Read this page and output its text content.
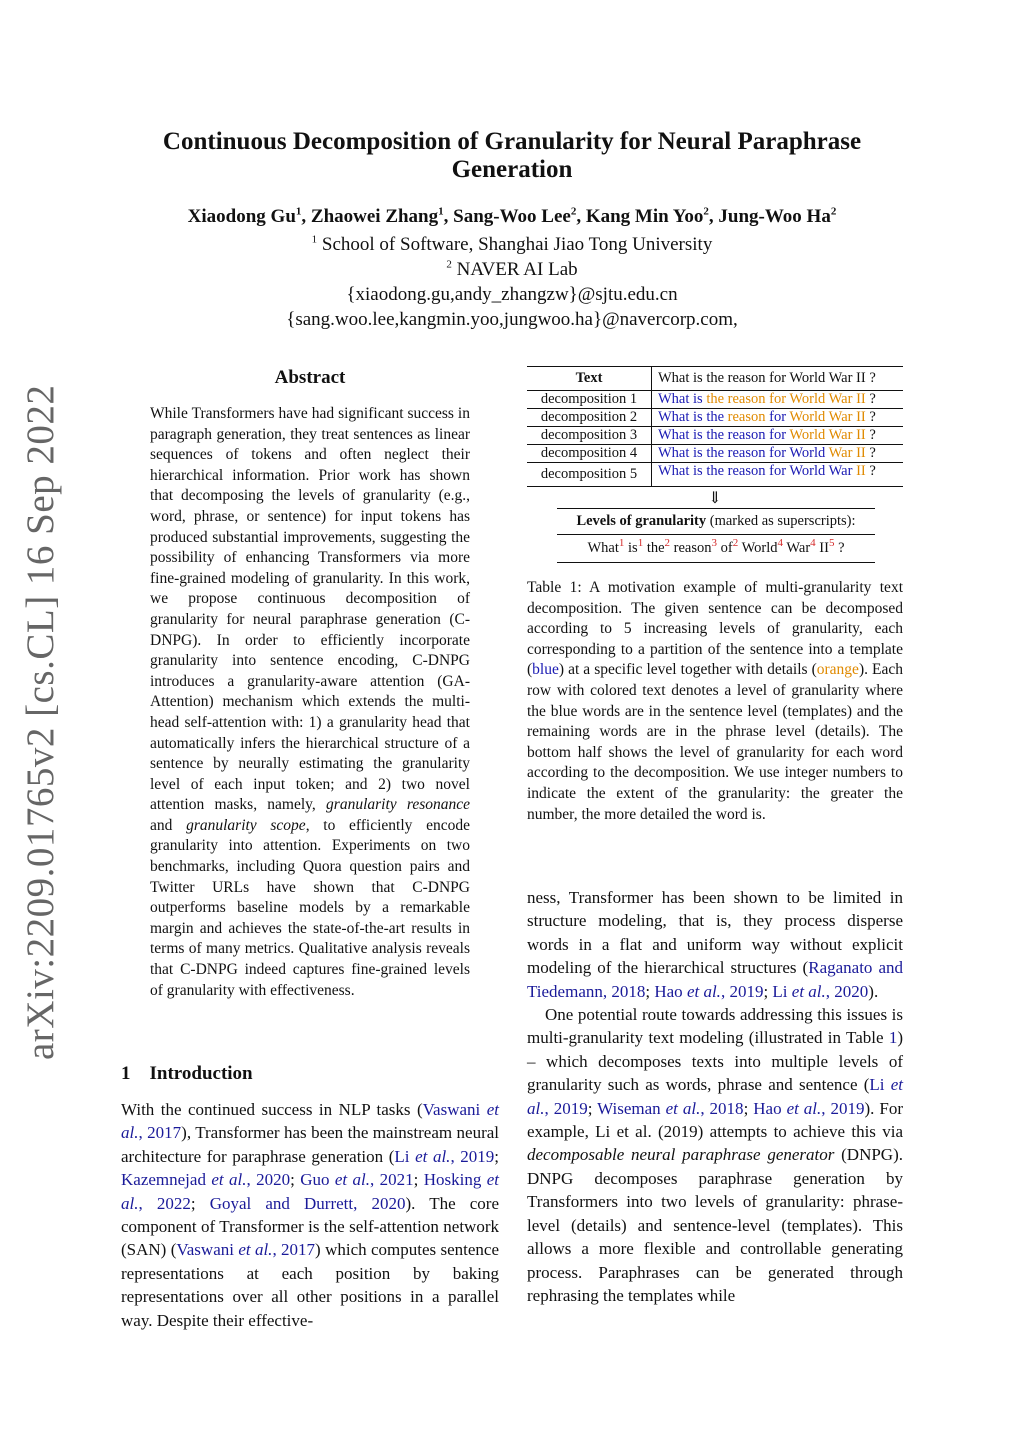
arXiv:2209.01765v2 [cs.CL] 16 Sep 2022
Continuous Decomposition of Granularity for Neural Paraphrase Generation
Xiaodong Gu$^1$, Zhaowei Zhang$^1$, Sang-Woo Lee$^2$, Kang Min Yoo$^2$, Jung-Woo Ha$^2$
$^1$ School of Software, Shanghai Jiao Tong University
$^2$ NAVER AI Lab
{xiaodong.gu,andy_zhangzw}@sjtu.edu.cn
{sang.woo.lee,kangmin.yoo,jungwoo.ha}@navercorp.com,
Abstract
While Transformers have had significant success in paragraph generation, they treat sentences as linear sequences of tokens and often neglect their hierarchical information. Prior work has shown that decomposing the levels of granularity (e.g., word, phrase, or sentence) for input tokens has produced substantial improvements, suggesting the possibility of enhancing Transformers via more fine-grained modeling of granularity. In this work, we propose continuous decomposition of granularity for neural paraphrase generation (C-DNPG). In order to efficiently incorporate granularity into sentence encoding, C-DNPG introduces a granularity-aware attention (GA-Attention) mechanism which extends the multi-head self-attention with: 1) a granularity head that automatically infers the hierarchical structure of a sentence by neurally estimating the granularity level of each input token; and 2) two novel attention masks, namely, granularity resonance and granularity scope, to efficiently encode granularity into attention. Experiments on two benchmarks, including Quora question pairs and Twitter URLs have shown that C-DNPG outperforms baseline models by a remarkable margin and achieves the state-of-the-art results in terms of many metrics. Qualitative analysis reveals that C-DNPG indeed captures fine-grained levels of granularity with effectiveness.
1 Introduction
With the continued success in NLP tasks (Vaswani et al., 2017), Transformer has been the mainstream neural architecture for paraphrase generation (Li et al., 2019; Kazemnejad et al., 2020; Guo et al., 2021; Hosking et al., 2022; Goyal and Durrett, 2020). The core component of Transformer is the self-attention network (SAN) (Vaswani et al., 2017) which computes sentence representations at each position by baking representations over all other positions in a parallel way. Despite their effective-
Text	What is the reason for World War II ?
decomposition 1	What is the reason for World War II ?
decomposition 2	What is the reason for World War II ?
decomposition 3	What is the reason for World War II ?
decomposition 4	What is the reason for World War II ?
decomposition 5	What is the reason for World War II ?
⇓
Levels of granularity (marked as superscripts):
What$^1$ $is^1$ the$^2$ reason$^3$ $of^2$ World$^4$ War$^4$ $II^5$ ?
Table 1: A motivation example of multi-granularity text decomposition. The given sentence can be decomposed according to 5 increasing levels of granularity, each corresponding to a partition of the sentence into a template (blue) at a specific level together with details (orange). Each row with colored text denotes a level of granularity where the blue words are in the sentence level (templates) and the remaining words are in the phrase level (details). The bottom half shows the level of granularity for each word according to the decomposition. We use integer numbers to indicate the extent of the granularity: the greater the number, the more detailed the word is.

ness, Transformer has been shown to be limited in structure modeling, that is, they process disperse words in a flat and uniform way without explicit modeling of the hierarchical structures (Raganato and Tiedemann, 2018; Hao et al., 2019; Li et al., 2020).

One potential route towards addressing this issues is multi-granularity text modeling (illustrated in Table 1) – which decomposes texts into multiple levels of granularity such as words, phrase and sentence (Li et al., 2019; Wiseman et al., 2018; Hao et al., 2019). For example, Li et al. (2019) attempts to achieve this via decomposable neural paraphrase generator (DNPG). DNPG decomposes paraphrase generation by Transformers into two levels of granularity: phrase-level (details) and sentence-level (templates). This allows a more flexible and controllable generating process. Paraphrases can be generated through rephrasing the templates while
